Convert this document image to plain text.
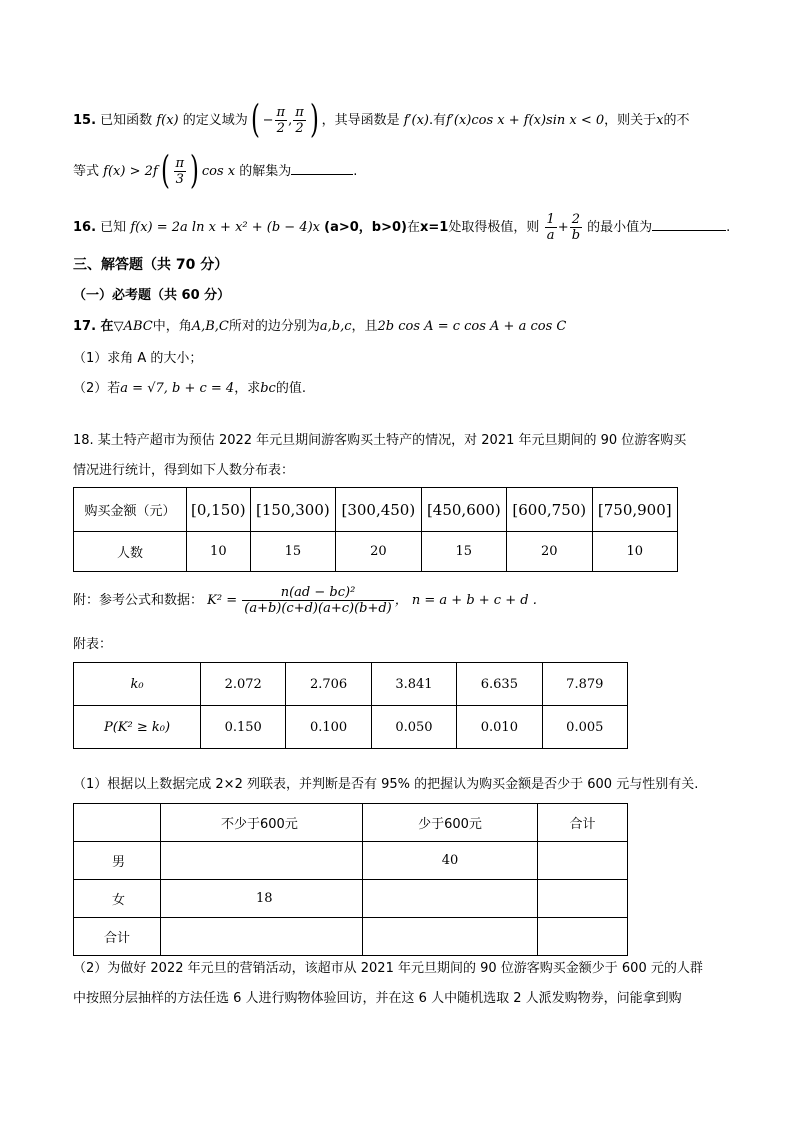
15. 已知函数 f(x) 的定义域为( − $\frac{\pi}{2}$ , $\frac{\pi}{2}$ ) ，其导函数是 f′(x).有f′(x)cos x + f(x)sin x < 0，则关于x的不
等式 $f(x) > 2f( \frac{\pi}{3}$ ) cos x 的解集为	.
16. 已知 f(x) = 2a ln x + x² + (b − 4)x (a>0，b>0)在x=1处取得极值，则 $\frac{1}{a} + \frac{2}{b}$ 的最小值为	.
三、解答题（共 70 分）
（一）必考题（共 60 分）
17. 在▽ABC中，角A,B,C所对的边分别为a,b,c，且2b cos A = c cos A + a cos C
（1）求角 A 的大小；
（2）若a = √7, b + c = 4，求bc的值.
18. 某土特产超市为预估 2022 年元旦期间游客购买土特产的情况，对 2021 年元旦期间的 90 位游客购买
情况进行统计，得到如下人数分布表：
购买金额（元）	[0,150)	[150,300)	[300,450)	[450,600)	[600,750)	[750,900]
人数	10	15	20	15	20	10
附：参考公式和数据： $K^2 = \frac{\text{n(ad − bc)²}}{(a+b)(c+d)(a+c)(b+d)}$ ， n = a + b + c + d .
附表：
k₀	2.072	2.706	3.841	6.635	7.879
P(K² ≥ k₀)	0.150	0.100	0.050	0.010	0.005
（1）根据以上数据完成 2×2 列联表，并判断是否有 95% 的把握认为购买金额是否少于 600 元与性别有关.
	不少于600元	少于600元	合计
男		40	
女	18		
合计			
（2）为做好 2022 年元旦的营销活动，该超市从 2021 年元旦期间的 90 位游客购买金额少于 600 元的人群
中按照分层抽样的方法任选 6 人进行购物体验回访，并在这 6 人中随机选取 2 人派发购物券，问能拿到购
